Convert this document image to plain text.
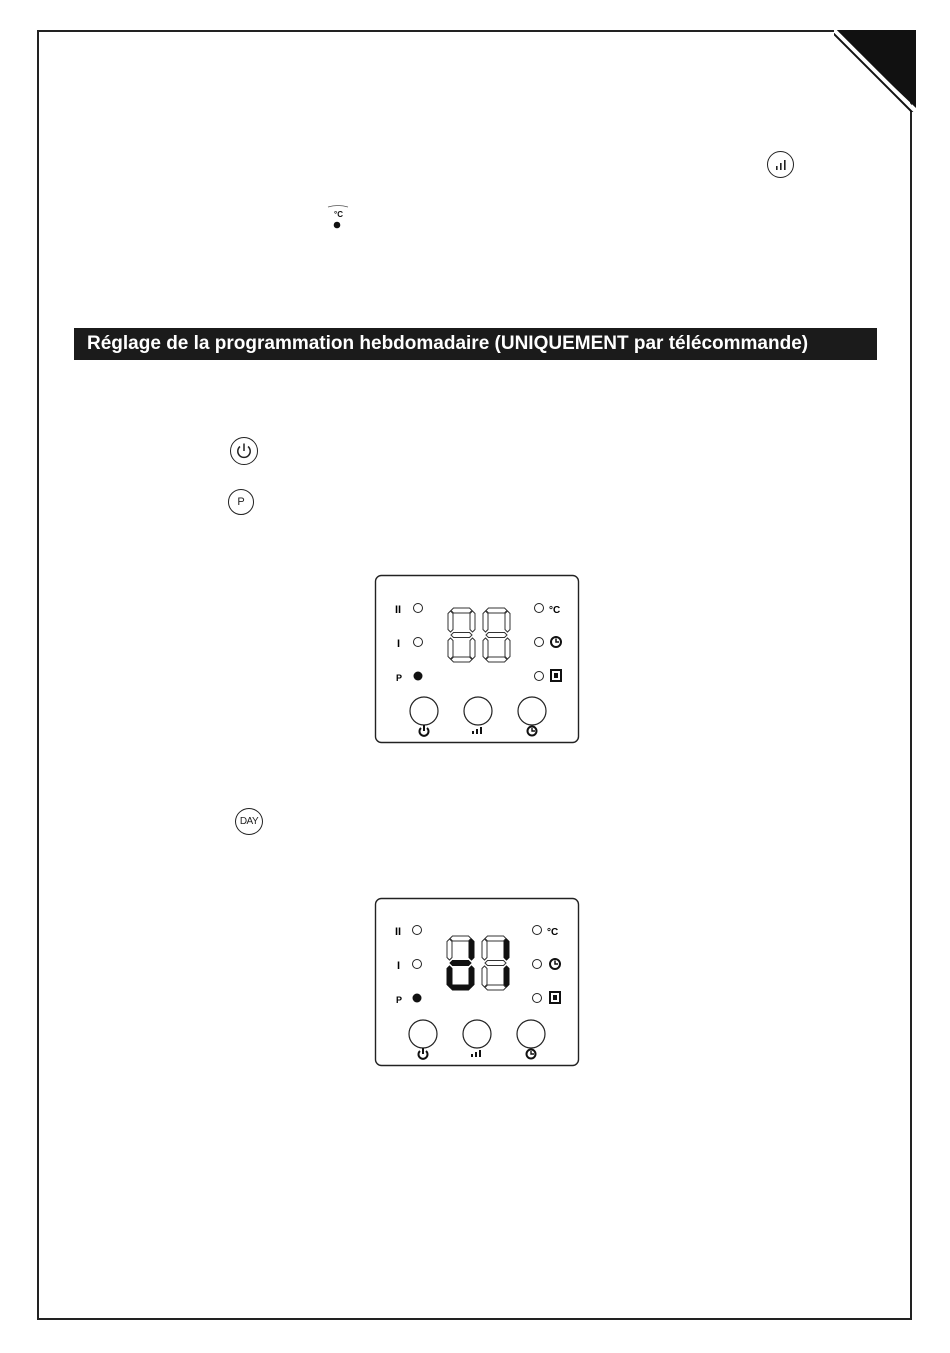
°C
Réglage de la programmation hebdomadaire (UNIQUEMENT par télécommande)
P
II
I
P
°C
DAY
II
I
P
°C
